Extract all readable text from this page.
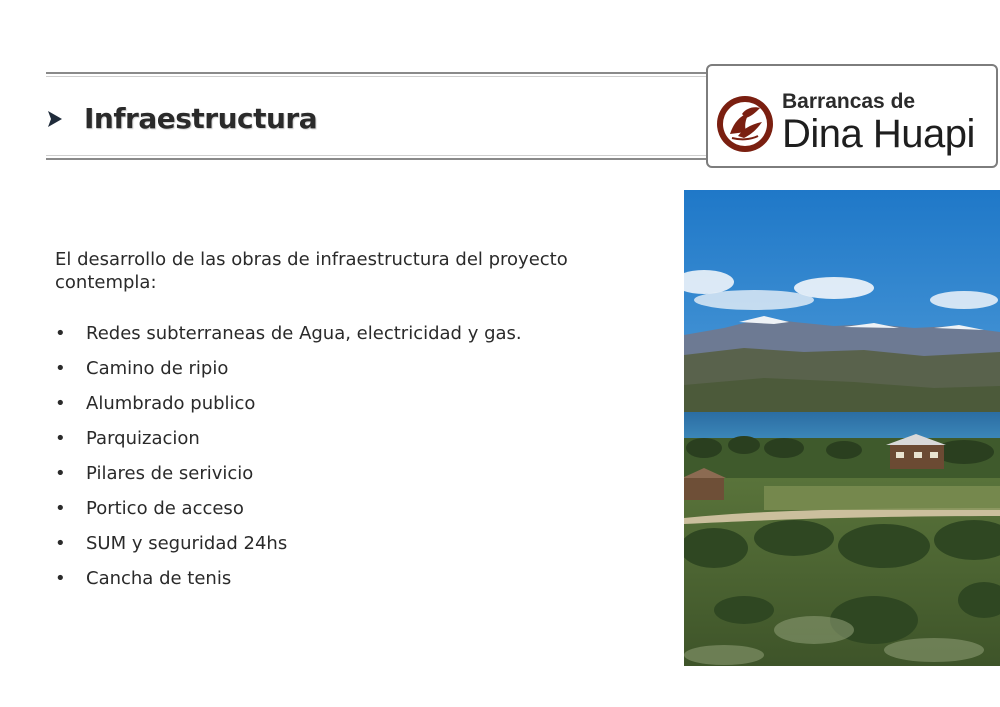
Infraestructura
Barrancas de
Dina Huapi
El desarrollo de las obras de infraestructura del proyecto contempla:
•	Redes subterraneas de Agua, electricidad y gas.
•	Camino de ripio
•	Alumbrado publico
•	Parquizacion
•	Pilares de serivicio
•	Portico de acceso
•	SUM y seguridad 24hs
•	Cancha de tenis
